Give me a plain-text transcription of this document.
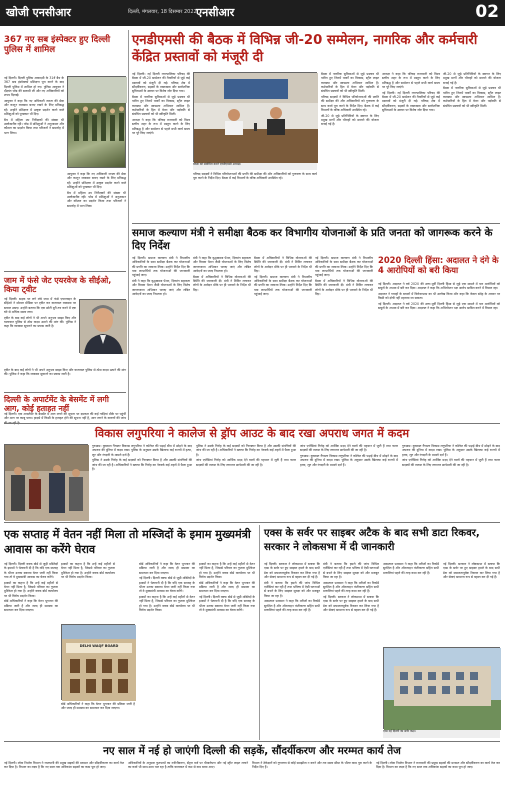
खोजी एनसीआर	दिल्ली, मंगलवार, 18 दिसम्बर 2022 एनसीआर	02
367 नए सब इंस्पेक्टर हुए दिल्ली पुलिस में शामिल
नई दिल्ली। दिल्ली पुलिस अकादमी के 31वें बैच के 367 सब इंस्पेक्टर्स प्रशिक्षण पूरा करने के बाद दिल्ली पुलिस में शामिल हो गए। पुलिस आयुक्त ने दीक्षांत परेड की सलामी ली और नए अधिकारियों को शपथ दिलाई।
आयुक्त ने कहा कि नए अधिकारी जनता की सेवा और कानून व्यवस्था बनाए रखने के लिए प्रतिबद्ध रहें। उन्होंने प्रशिक्षण में उत्कृष्ट प्रदर्शन करने वाले प्रशिक्षुओं को पुरस्कार भी दिए।
बैच में महिला उप निरीक्षकों की संख्या भी उल्लेखनीय रही। परेड में प्रशिक्षुओं ने अनुशासन और कौशल का प्रदर्शन किया तथा परिजनों ने समारोह में भाग लिया।
आयुक्त ने कहा कि नए अधिकारी जनता की सेवा और कानून व्यवस्था बनाए रखने के लिए प्रतिबद्ध रहें। उन्होंने प्रशिक्षण में उत्कृष्ट प्रदर्शन करने वाले प्रशिक्षुओं को पुरस्कार भी दिए।
बैच में महिला उप निरीक्षकों की संख्या भी उल्लेखनीय रही। परेड में प्रशिक्षुओं ने अनुशासन और कौशल का प्रदर्शन किया तथा परिजनों ने समारोह में भाग लिया।
जाम में फंसे जेट एयरवेज के सीईओ, किया ट्वीट
नई दिल्ली। सड़क पर लगे लंबे जाम में फंसे एयरलाइन के सीईओ ने सोशल मीडिया पर ट्वीट कर यातायात व्यवस्था पर सवाल उठाए। उन्होंने बताया कि एक छोटी दूरी तय करने में एक घंटे से अधिक समय लगा।
ट्वीट के बाद कई लोगों ने भी अपने अनुभव साझा किए और यातायात पुलिस से ठोस कदम उठाने की मांग की। पुलिस ने कहा कि व्यवस्था सुधारने का प्रयास जारी है।
ट्वीट के बाद कई लोगों ने भी अपने अनुभव साझा किए और यातायात पुलिस से ठोस कदम उठाने की मांग की। पुलिस ने कहा कि व्यवस्था सुधारने का प्रयास जारी है।
दिल्ली के अपार्टमेंट के बेसमेंट में लगी आग, कोई हताहत नहीं
एनडीएमसी की बैठक में विभिन्न जी-20 सम्मेलन, नागरिक और कर्मचारी केंद्रित प्रस्तावों को मंजूरी दी
नई दिल्ली। नई दिल्ली नगरपालिका परिषद की बैठक में जी-20 सम्मेलन की तैयारियों से जुड़े कई प्रस्तावों को मंजूरी दी गई। परिषद क्षेत्र में सौंदर्यीकरण, सड़कों के रखरखाव और सार्वजनिक सुविधाओं के उन्नयन पर विशेष जोर दिया गया।
बैठक में नागरिक सुविधाओं से जुड़े प्रस्ताव भी पारित हुए जिनमें पार्कों का विकास, स्ट्रीट लाइट व्यवस्था और स्वच्छता अभियान शामिल हैं। कर्मचारियों के हित में वेतन और पदोन्नति से संबंधित प्रस्तावों को भी स्वीकृति मिली।
अध्यक्ष ने कहा कि परिषद राजधानी को विश्व स्तरीय शहर के रूप में प्रस्तुत करने के लिए प्रतिबद्ध है और सम्मेलन से पहले सभी कार्य समय पर पूरे किए जाएंगे।
बैठक को संबोधित करते एनडीएमसी अध्यक्ष।
परिषद सदस्यों ने विभिन्न परियोजनाओं की प्रगति की समीक्षा की और अधिकारियों को गुणवत्ता के साथ कार्य पूरा करने के निर्देश दिए। बैठक में कई विभागों के वरिष्ठ अधिकारी उपस्थित रहे।
बैठक में नागरिक सुविधाओं से जुड़े प्रस्ताव भी पारित हुए जिनमें पार्कों का विकास, स्ट्रीट लाइट व्यवस्था और स्वच्छता अभियान शामिल हैं। कर्मचारियों के हित में वेतन और पदोन्नति से संबंधित प्रस्तावों को भी स्वीकृति मिली।
परिषद सदस्यों ने विभिन्न परियोजनाओं की प्रगति की समीक्षा की और अधिकारियों को गुणवत्ता के साथ कार्य पूरा करने के निर्देश दिए। बैठक में कई विभागों के वरिष्ठ अधिकारी उपस्थित रहे।
जी-20 से जुड़े प्रतिनिधियों के स्वागत के लिए प्रमुख मार्गों और चौराहों को सजाने की योजना बनाई गई है।
अध्यक्ष ने कहा कि परिषद राजधानी को विश्व स्तरीय शहर के रूप में प्रस्तुत करने के लिए प्रतिबद्ध है और सम्मेलन से पहले सभी कार्य समय पर पूरे किए जाएंगे।
नई दिल्ली। नई दिल्ली नगरपालिका परिषद की बैठक में जी-20 सम्मेलन की तैयारियों से जुड़े कई प्रस्तावों को मंजूरी दी गई। परिषद क्षेत्र में सौंदर्यीकरण, सड़कों के रखरखाव और सार्वजनिक सुविधाओं के उन्नयन पर विशेष जोर दिया गया।
जी-20 से जुड़े प्रतिनिधियों के स्वागत के लिए प्रमुख मार्गों और चौराहों को सजाने की योजना बनाई गई है।
बैठक में नागरिक सुविधाओं से जुड़े प्रस्ताव भी पारित हुए जिनमें पार्कों का विकास, स्ट्रीट लाइट व्यवस्था और स्वच्छता अभियान शामिल हैं। कर्मचारियों के हित में वेतन और पदोन्नति से संबंधित प्रस्तावों को भी स्वीकृति मिली।
समाज कल्याण मंत्री ने समीक्षा बैठक कर विभागीय योजनाओं के प्रति जनता को जागरूक करने के दिए निर्देश
नई दिल्ली। समाज कल्याण मंत्री ने विभागीय अधिकारियों के साथ समीक्षा बैठक कर योजनाओं की प्रगति का जायजा लिया। उन्होंने निर्देश दिए कि पात्र लाभार्थियों तक योजनाओं की जानकारी पहुंचाई जाए।
मंत्री ने कहा कि वृद्धावस्था पेंशन, दिव्यांग सहायता और विधवा पेंशन जैसी योजनाओं के लिए विशेष जागरूकता अभियान चलाए जाएं और लंबित आवेदनों का जल्द निपटारा हो।
मंत्री ने कहा कि वृद्धावस्था पेंशन, दिव्यांग सहायता और विधवा पेंशन जैसी योजनाओं के लिए विशेष जागरूकता अभियान चलाए जाएं और लंबित आवेदनों का जल्द निपटारा हो।
बैठक में अधिकारियों ने विभिन्न योजनाओं की स्थिति की जानकारी दी। मंत्री ने शिविर लगाकर लोगों के आवेदन मौके पर ही भरवाने के निर्देश भी दिए।
बैठक में अधिकारियों ने विभिन्न योजनाओं की स्थिति की जानकारी दी। मंत्री ने शिविर लगाकर लोगों के आवेदन मौके पर ही भरवाने के निर्देश भी दिए।
नई दिल्ली। समाज कल्याण मंत्री ने विभागीय अधिकारियों के साथ समीक्षा बैठक कर योजनाओं की प्रगति का जायजा लिया। उन्होंने निर्देश दिए कि पात्र लाभार्थियों तक योजनाओं की जानकारी पहुंचाई जाए।
नई दिल्ली। समाज कल्याण मंत्री ने विभागीय अधिकारियों के साथ समीक्षा बैठक कर योजनाओं की प्रगति का जायजा लिया। उन्होंने निर्देश दिए कि पात्र लाभार्थियों तक योजनाओं की जानकारी पहुंचाई जाए।
बैठक में अधिकारियों ने विभिन्न योजनाओं की स्थिति की जानकारी दी। मंत्री ने शिविर लगाकर लोगों के आवेदन मौके पर ही भरवाने के निर्देश भी दिए।
2020 दिल्ली हिंसा: अदालत ने दंगे के 4 आरोपियों को बरी किया
नई दिल्ली। अदालत ने वर्ष 2020 की उत्तर-पूर्वी दिल्ली हिंसा से जुड़े एक मामले में चार आरोपियों को सबूतों के अभाव में बरी कर दिया। अदालत ने कहा कि अभियोजन पक्ष आरोप साबित करने में विफल रहा।
अदालत ने गवाहों के बयानों में विरोधाभास का भी उल्लेख किया और कहा कि केवल संदेह के आधार पर किसी को दोषी नहीं ठहराया जा सकता।
नई दिल्ली। अदालत ने वर्ष 2020 की उत्तर-पूर्वी दिल्ली हिंसा से जुड़े एक मामले में चार आरोपियों को सबूतों के अभाव में बरी कर दिया। अदालत ने कहा कि अभियोजन पक्ष आरोप साबित करने में विफल रहा।
नई दिल्ली। एक अपार्टमेंट के बेसमेंट में आग लगने की सूचना पर दमकल की कई गाड़ियां मौके पर पहुंचीं और आग पर काबू पाया। हादसे में किसी के हताहत होने की सूचना नहीं है, आग लगने के कारणों की जांच
विकास लगुपरिया ने कालेज से ड्रॉप आउट के बाद रखा अपराध जगत में कदम
गुरुग्राम। कुख्यात गैंगस्टर विकास लगुपरिया ने कॉलेज की पढ़ाई बीच में छोड़ने के बाद अपराध की दुनिया में कदम रखा। पुलिस के अनुसार उसके खिलाफ कई राज्यों में हत्या, लूट और रंगदारी के मामले दर्ज हैं।
पुलिस ने उसके गिरोह के कई सदस्यों को गिरफ्तार किया है और उसकी संपत्तियों की जांच की जा रही है। अधिकारियों ने बताया कि गिरोह का नेटवर्क कई शहरों में फैला हुआ है।
पुलिस ने उसके गिरोह के कई सदस्यों को गिरफ्तार किया है और उसकी संपत्तियों की जांच की जा रही है। अधिकारियों ने बताया कि गिरोह का नेटवर्क कई शहरों में फैला हुआ है।
जांच एजेंसियां गिरोह को आर्थिक मदद देने वालों की पहचान में जुटी हैं तथा फरार सदस्यों की तलाश के लिए लगातार छापेमारी की जा रही है।
जांच एजेंसियां गिरोह को आर्थिक मदद देने वालों की पहचान में जुटी हैं तथा फरार सदस्यों की तलाश के लिए लगातार छापेमारी की जा रही है।
गुरुग्राम। कुख्यात गैंगस्टर विकास लगुपरिया ने कॉलेज की पढ़ाई बीच में छोड़ने के बाद अपराध की दुनिया में कदम रखा। पुलिस के अनुसार उसके खिलाफ कई राज्यों में हत्या, लूट और रंगदारी के मामले दर्ज हैं।
गुरुग्राम। कुख्यात गैंगस्टर विकास लगुपरिया ने कॉलेज की पढ़ाई बीच में छोड़ने के बाद अपराध की दुनिया में कदम रखा। पुलिस के अनुसार उसके खिलाफ कई राज्यों में हत्या, लूट और रंगदारी के मामले दर्ज हैं।
जांच एजेंसियां गिरोह को आर्थिक मदद देने वालों की पहचान में जुटी हैं तथा फरार सदस्यों की तलाश के लिए लगातार छापेमारी की जा रही है।
एक सप्ताह में वेतन नहीं मिला तो मस्जिदों के इमाम मुख्यमंत्री आवास का करेंगे घेराव
नई दिल्ली। दिल्ली वक्फ बोर्ड से जुड़ी मस्जिदों के इमामों ने चेतावनी दी है कि यदि एक सप्ताह के भीतर उनका बकाया वेतन जारी नहीं किया गया तो वे मुख्यमंत्री आवास का घेराव करेंगे।
इमामों का कहना है कि उन्हें कई महीनों से वेतन नहीं मिला है, जिससे परिवार का गुजारा मुश्किल हो गया है। उन्होंने वक्फ बोर्ड कार्यालय पर भी विरोध प्रदर्शन किया।
बोर्ड अधिकारियों ने कहा कि वेतन भुगतान की प्रक्रिया जारी है और जल्द ही समस्या का समाधान कर दिया जाएगा।
इमामों का कहना है कि उन्हें कई महीनों से वेतन नहीं मिला है, जिससे परिवार का गुजारा मुश्किल हो गया है। उन्होंने वक्फ बोर्ड कार्यालय पर भी विरोध प्रदर्शन किया।
DELHI WAQF BOARD
बोर्ड अधिकारियों ने कहा कि वेतन भुगतान की प्रक्रिया जारी है और जल्द ही समस्या का समाधान कर दिया जाएगा।
बोर्ड अधिकारियों ने कहा कि वेतन भुगतान की प्रक्रिया जारी है और जल्द ही समस्या का समाधान कर दिया जाएगा।
नई दिल्ली। दिल्ली वक्फ बोर्ड से जुड़ी मस्जिदों के इमामों ने चेतावनी दी है कि यदि एक सप्ताह के भीतर उनका बकाया वेतन जारी नहीं किया गया तो वे मुख्यमंत्री आवास का घेराव करेंगे।
इमामों का कहना है कि उन्हें कई महीनों से वेतन नहीं मिला है, जिससे परिवार का गुजारा मुश्किल हो गया है। उन्होंने वक्फ बोर्ड कार्यालय पर भी विरोध प्रदर्शन किया।
इमामों का कहना है कि उन्हें कई महीनों से वेतन नहीं मिला है, जिससे परिवार का गुजारा मुश्किल हो गया है। उन्होंने वक्फ बोर्ड कार्यालय पर भी विरोध प्रदर्शन किया।
बोर्ड अधिकारियों ने कहा कि वेतन भुगतान की प्रक्रिया जारी है और जल्द ही समस्या का समाधान कर दिया जाएगा।
नई दिल्ली। दिल्ली वक्फ बोर्ड से जुड़ी मस्जिदों के इमामों ने चेतावनी दी है कि यदि एक सप्ताह के भीतर उनका बकाया वेतन जारी नहीं किया गया तो वे मुख्यमंत्री आवास का घेराव करेंगे।
एक्स के सर्वर पर साइबर अटैक के बाद सभी डाटा रिकवर, सरकार ने लोकसभा में दी जानकारी
नई दिल्ली। सरकार ने लोकसभा में बताया कि एम्स के सर्वर पर हुए साइबर हमले के बाद सभी डेटा को सफलतापूर्वक रिकवर कर लिया गया है और सेवाएं सामान्य रूप से बहाल कर दी गई हैं।
मंत्री ने बताया कि हमले की जांच विभिन्न एजेंसियां कर रही हैं तथा भविष्य में ऐसी घटनाओं से बचने के लिए साइबर सुरक्षा को और मजबूत किया जा रहा है।
अस्पताल प्रशासन ने कहा कि मरीजों का रिकॉर्ड सुरक्षित है और ऑनलाइन पंजीकरण सहित सभी प्रणालियां पहले की तरह काम कर रही हैं।
मंत्री ने बताया कि हमले की जांच विभिन्न एजेंसियां कर रही हैं तथा भविष्य में ऐसी घटनाओं से बचने के लिए साइबर सुरक्षा को और मजबूत किया जा रहा है।
अस्पताल प्रशासन ने कहा कि मरीजों का रिकॉर्ड सुरक्षित है और ऑनलाइन पंजीकरण सहित सभी प्रणालियां पहले की तरह काम कर रही हैं।
नई दिल्ली। सरकार ने लोकसभा में बताया कि एम्स के सर्वर पर हुए साइबर हमले के बाद सभी डेटा को सफलतापूर्वक रिकवर कर लिया गया है और सेवाएं सामान्य रूप से बहाल कर दी गई हैं।
अस्पताल प्रशासन ने कहा कि मरीजों का रिकॉर्ड सुरक्षित है और ऑनलाइन पंजीकरण सहित सभी प्रणालियां पहले की तरह काम कर रही हैं।
नई दिल्ली। सरकार ने लोकसभा में बताया कि एम्स के सर्वर पर हुए साइबर हमले के बाद सभी डेटा को सफलतापूर्वक रिकवर कर लिया गया है और सेवाएं सामान्य रूप से बहाल कर दी गई हैं।
एम्स नई दिल्ली का सर्वर कक्ष।
नए साल में नई हो जाएंगी दिल्ली की सड़कें, सौंदर्यीकरण और मरम्मत कार्य तेज
नई दिल्ली। लोक निर्माण विभाग ने राजधानी की प्रमुख सड़कों की मरम्मत और सौंदर्यीकरण का कार्य तेज कर दिया है। विभाग का लक्ष्य है कि नए साल तक अधिकांश सड़कों का काम पूरा हो जाए।
अधिकारियों के अनुसार फुटपाथों का नवीनीकरण, सेंट्रल वर्ज पर पौधारोपण और नई स्ट्रीट लाइट लगाने का कार्य भी साथ-साथ चल रहा है ताकि यातायात में कम से कम बाधा आए।
विभाग ने ठेकेदारों को गुणवत्ता से कोई समझौता न करने और तय समय सीमा के भीतर काम पूरा करने के निर्देश दिए हैं।
नई दिल्ली। लोक निर्माण विभाग ने राजधानी की प्रमुख सड़कों की मरम्मत और सौंदर्यीकरण का कार्य तेज कर दिया है। विभाग का लक्ष्य है कि नए साल तक अधिकांश सड़कों का काम पूरा हो जाए।
